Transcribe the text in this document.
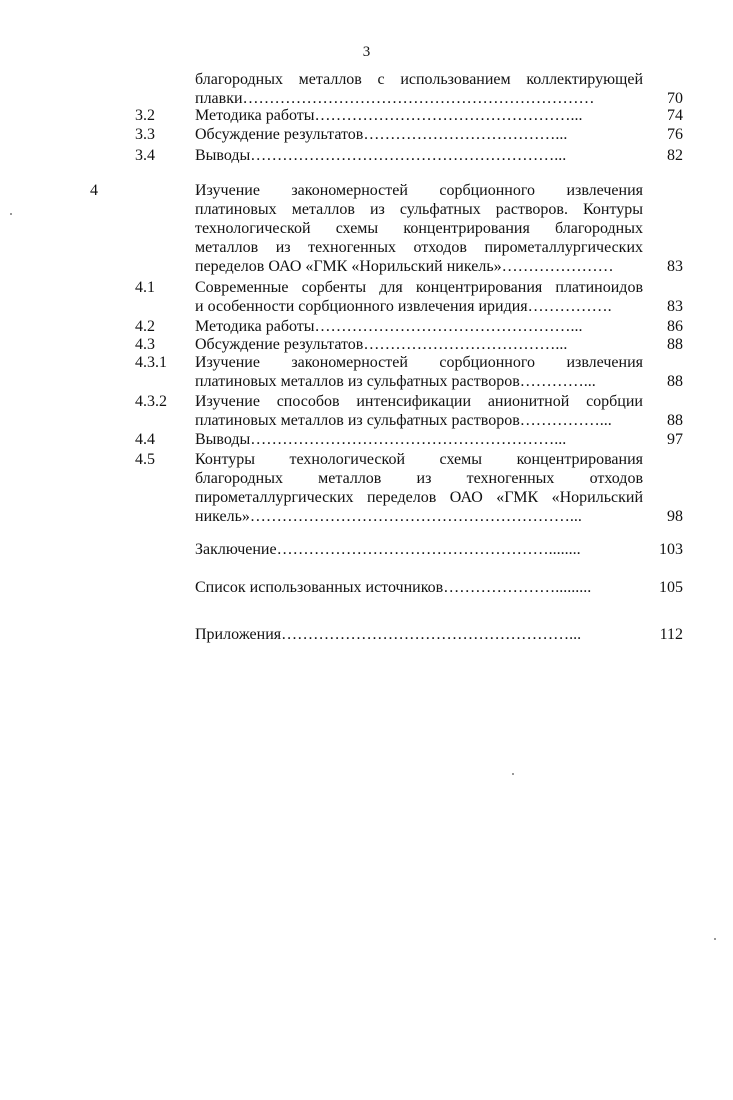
3
благородных металлов с использованием коллектирующей
плавки…………………………………………………………	70
3.2	Методика работы…………………………………………...	74
3.3	Обсуждение результатов………………………………...	76
3.4	Выводы…………………………………………………...	82
4	Изучение закономерностей сорбционного извлечения
платиновых металлов из сульфатных растворов. Контуры
технологической схемы концентрирования благородных
металлов из техногенных отходов пирометаллургических
переделов ОАО «ГМК «Норильский никель»…………………	83
4.1	Современные сорбенты для концентрирования платиноидов
и особенности сорбционного извлечения иридия…………….	83
4.2	Методика работы…………………………………………...	86
4.3	Обсуждение результатов………………………………...	88
4.3.1 Изучение закономерностей сорбционного извлечения
платиновых металлов из сульфатных растворов…………...	88
4.3.2 Изучение способов интенсификации анионитной сорбции
платиновых металлов из сульфатных растворов……………...	88
4.4	Выводы…………………………………………………...	97
4.5	Контуры технологической схемы концентрирования
благородных металлов из техногенных отходов
пирометаллургических переделов ОАО «ГМК «Норильский
никель»……………………………………………………...	98
Заключение……………………………………………........	103
Список использованных источников………………….........	105
Приложения………………………………………………...	112
